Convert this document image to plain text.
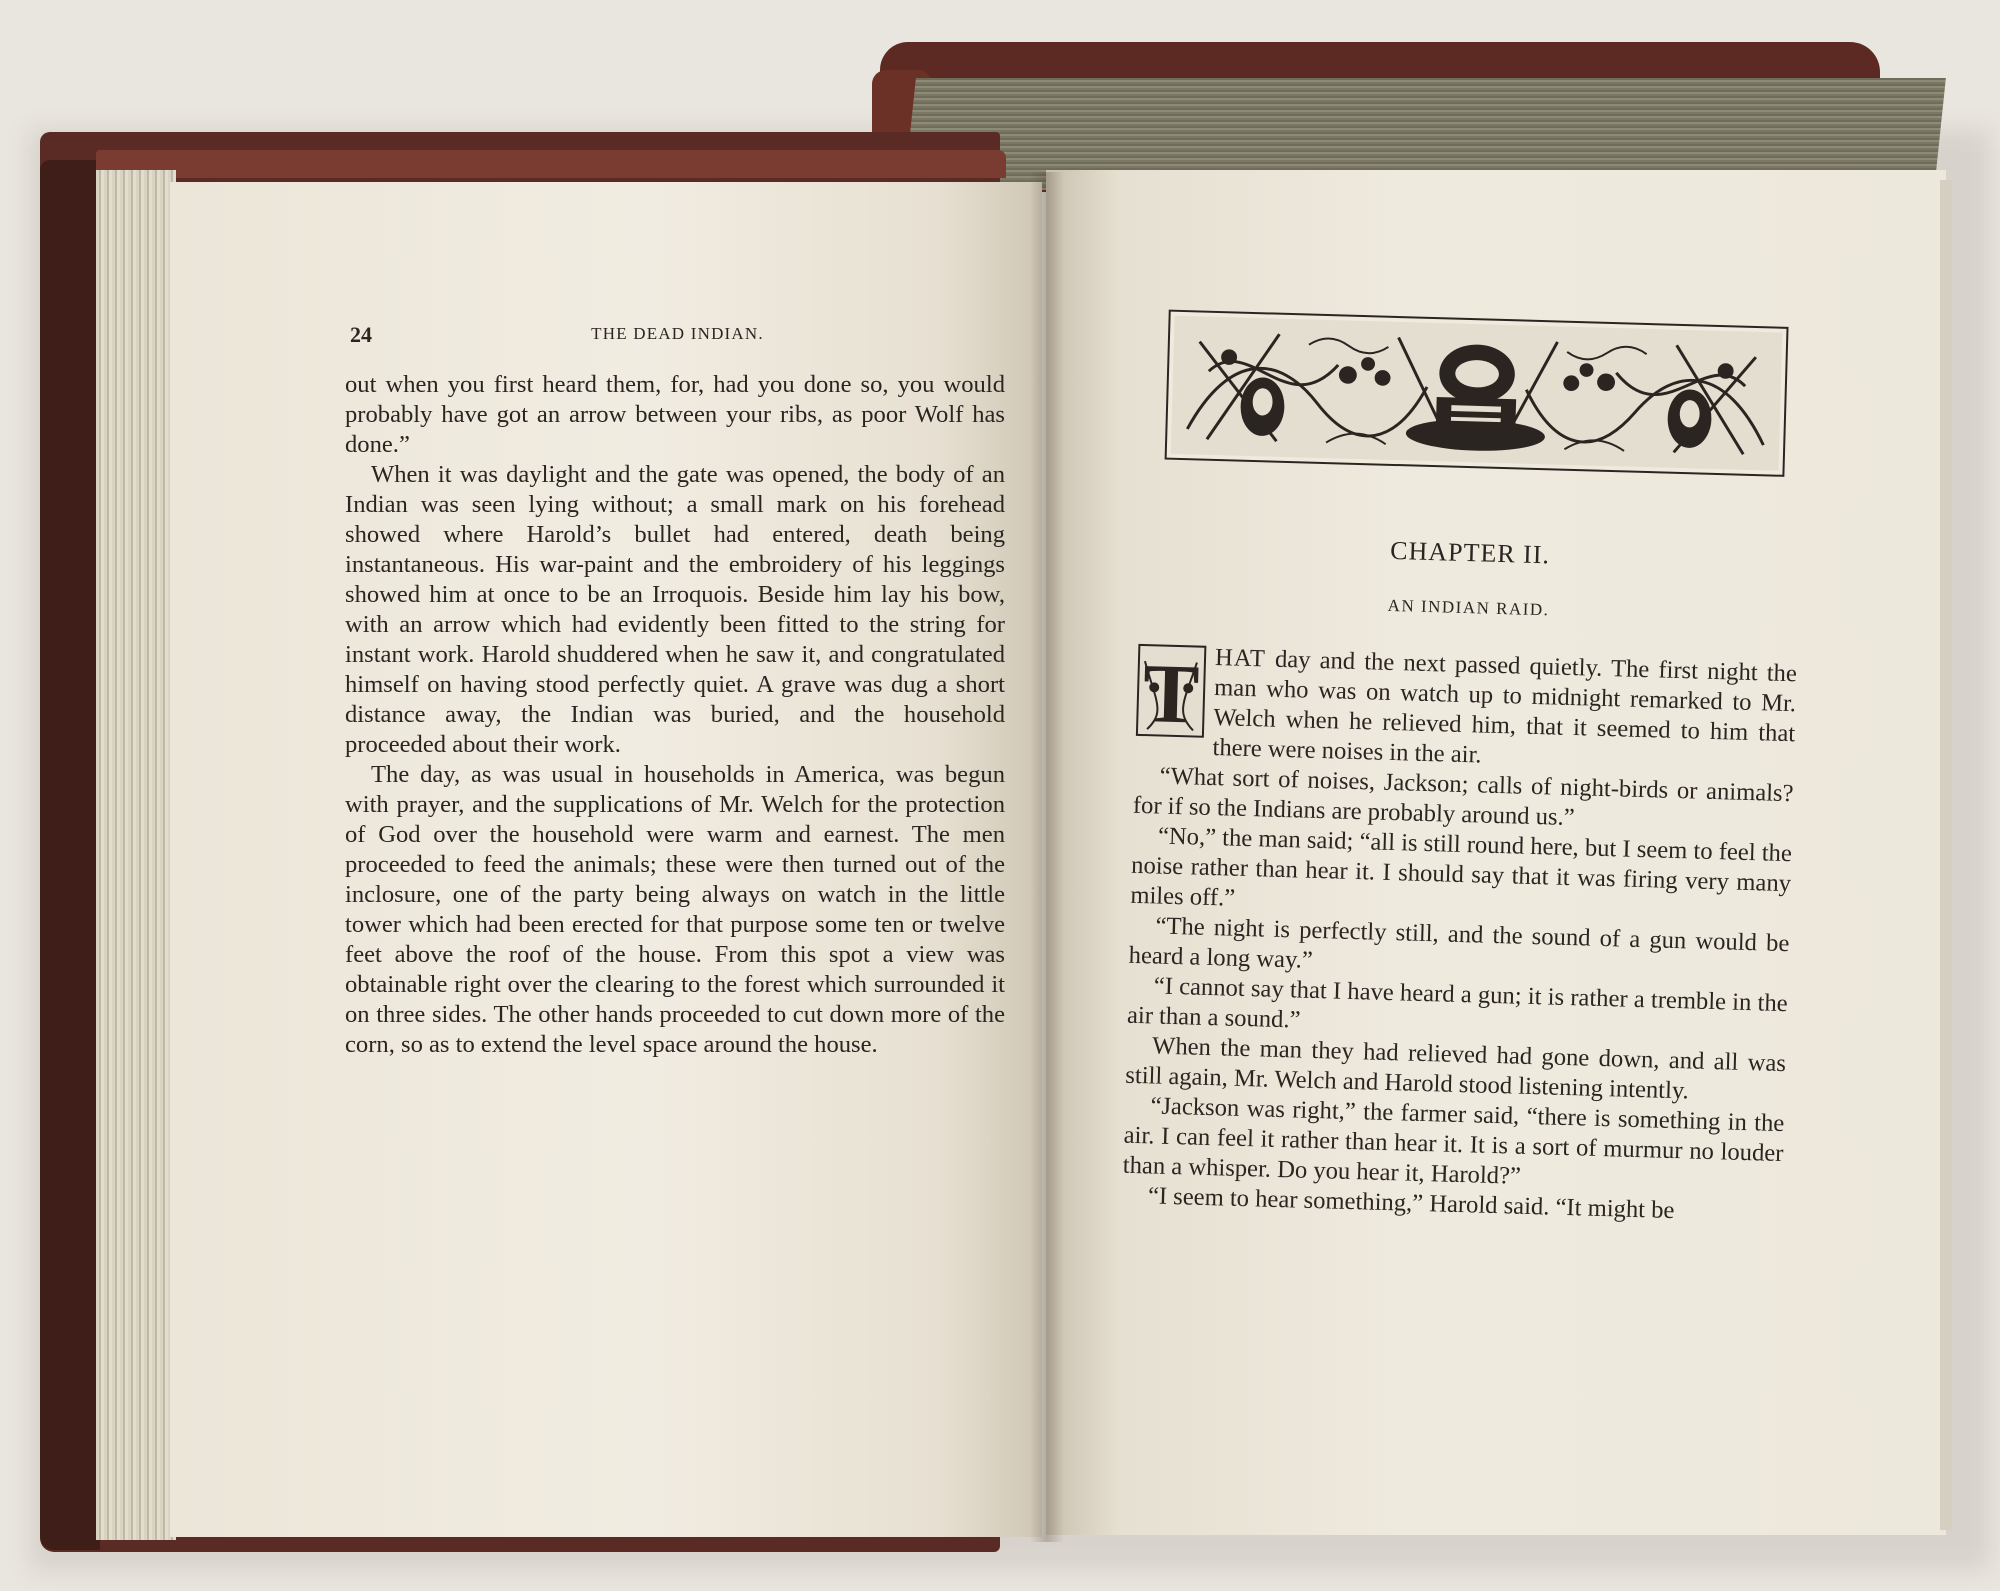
24	THE DEAD INDIAN.

out when you first heard them, for, had you done so, you would probably have got an arrow between your ribs, as poor Wolf has done.”

When it was daylight and the gate was opened, the body of an Indian was seen lying without; a small mark on his forehead showed where Harold’s bullet had entered, death being instantaneous. His war-paint and the embroidery of his leggings showed him at once to be an Irroquois. Beside him lay his bow, with an arrow which had evidently been fitted to the string for instant work. Harold shuddered when he saw it, and congratulated himself on having stood perfectly quiet. A grave was dug a short distance away, the Indian was buried, and the household proceeded about their work.

The day, as was usual in households in America, was begun with prayer, and the supplications of Mr. Welch for the protection of God over the household were warm and earnest. The men proceeded to feed the animals; these were then turned out of the inclosure, one of the party being always on watch in the little tower which had been erected for that purpose some ten or twelve feet above the roof of the house. From this spot a view was obtainable right over the clearing to the forest which surrounded it on three sides. The other hands proceeded to cut down more of the corn, so as to extend the level space around the house.

CHAPTER II.
AN INDIAN RAID.
T HAT day and the next passed quietly. The first night the man who was on watch up to midnight remarked to Mr. Welch when he relieved him, that it seemed to him that there were noises in the air.

“What sort of noises, Jackson; calls of night-birds or animals? for if so the Indians are probably around us.”

“No,” the man said; “all is still round here, but I seem to feel the noise rather than hear it. I should say that it was firing very many miles off.”

“The night is perfectly still, and the sound of a gun would be heard a long way.”

“I cannot say that I have heard a gun; it is rather a tremble in the air than a sound.”

When the man they had relieved had gone down, and all was still again, Mr. Welch and Harold stood listening intently.

“Jackson was right,” the farmer said, “there is something in the air. I can feel it rather than hear it. It is a sort of murmur no louder than a whisper. Do you hear it, Harold?”

“I seem to hear something,” Harold said. “It might be
